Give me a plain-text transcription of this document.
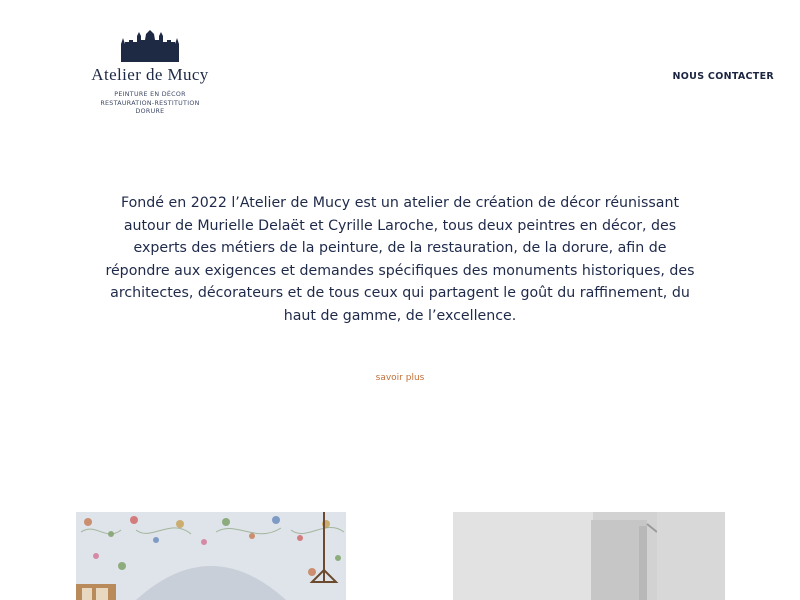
Atelier de Mucy
PEINTURE EN DÉCOR
RESTAURATION-RESTITUTION
DORURE
NOUS CONTACTER

Fondé en 2022 l’Atelier de Mucy est un atelier de création de décor réunissant autour de Murielle Delaët et Cyrille Laroche, tous deux peintres en décor, des experts des métiers de la peinture, de la restauration, de la dorure, afin de répondre aux exigences et demandes spécifiques des monuments historiques, des architectes, décorateurs et de tous ceux qui partagent le goût du raffinement, du haut de gamme, de l’excellence.

savoir plus
